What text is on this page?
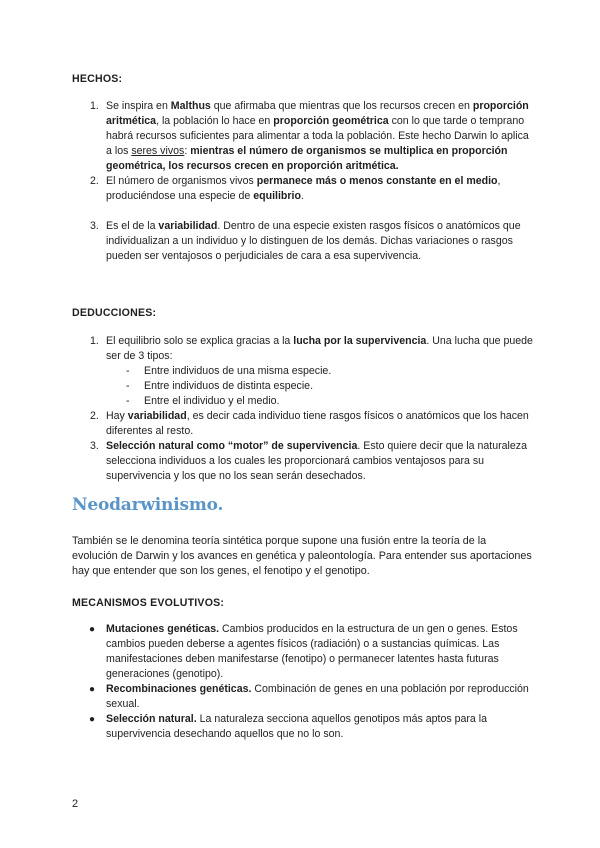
HECHOS:
1. Se inspira en Malthus que afirmaba que mientras que los recursos crecen en proporción aritmética, la población lo hace en proporción geométrica con lo que tarde o temprano habrá recursos suficientes para alimentar a toda la población. Este hecho Darwin lo aplica a los seres vivos: mientras el número de organismos se multiplica en proporción geométrica, los recursos crecen en proporción aritmética.
2. El número de organismos vivos permanece más o menos constante en el medio, produciéndose una especie de equilibrio.
3. Es el de la variabilidad. Dentro de una especie existen rasgos físicos o anatómicos que individualizan a un individuo y lo distinguen de los demás. Dichas variaciones o rasgos pueden ser ventajosos o perjudiciales de cara a esa supervivencia.
DEDUCCIONES:
1. El equilibrio solo se explica gracias a la lucha por la supervivencia. Una lucha que puede ser de 3 tipos:
- Entre individuos de una misma especie.
- Entre individuos de distinta especie.
- Entre el individuo y el medio.
2. Hay variabilidad, es decir cada individuo tiene rasgos físicos o anatómicos que los hacen diferentes al resto.
3. Selección natural como “motor” de supervivencia. Esto quiere decir que la naturaleza selecciona individuos a los cuales les proporcionará cambios ventajosos para su supervivencia y los que no los sean serán desechados.
Neodarwinismo.
También se le denomina teoría sintética porque supone una fusión entre la teoría de la evolución de Darwin y los avances en genética y paleontología. Para entender sus aportaciones hay que entender que son los genes, el fenotipo y el genotipo.
MECANISMOS EVOLUTIVOS:
● Mutaciones genéticas. Cambios producidos en la estructura de un gen o genes. Estos cambios pueden deberse a agentes físicos (radiación) o a sustancias químicas. Las manifestaciones deben manifestarse (fenotipo) o permanecer latentes hasta futuras generaciones (genotipo).
● Recombinaciones genéticas. Combinación de genes en una población por reproducción sexual.
● Selección natural. La naturaleza secciona aquellos genotipos más aptos para la supervivencia desechando aquellos que no lo son.
2
